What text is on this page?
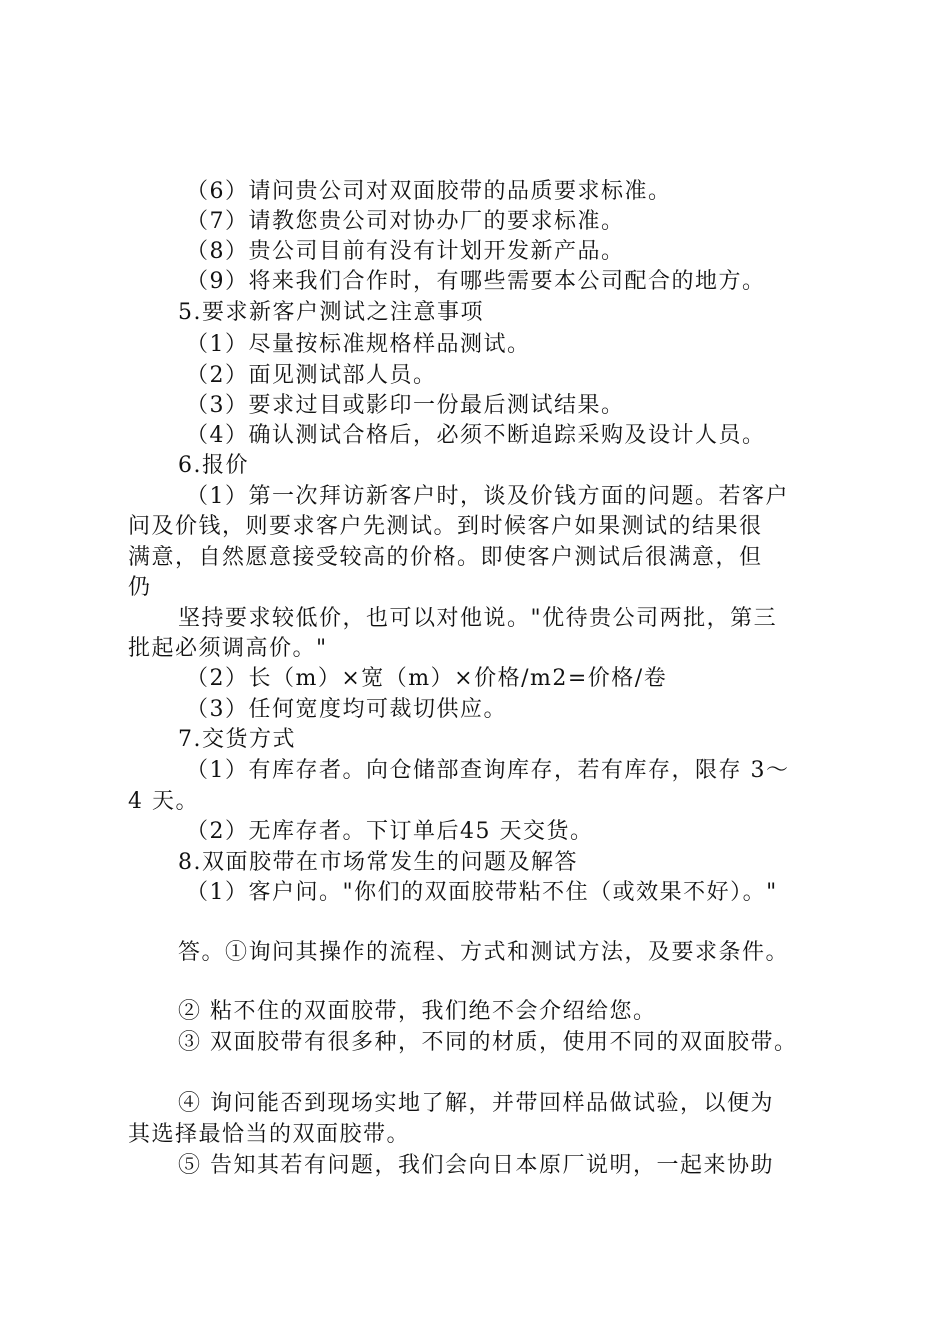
（6）请问贵公司对双面胶带的品质要求标准。
（7）请教您贵公司对协办厂的要求标准。
（8）贵公司目前有没有计划开发新产品。
（9）将来我们合作时，有哪些需要本公司配合的地方。
5.要求新客户测试之注意事项
（1）尽量按标准规格样品测试。
（2）面见测试部人员。
（3）要求过目或影印一份最后测试结果。
（4）确认测试合格后，必须不断追踪采购及设计人员。
6.报价
（1）第一次拜访新客户时，谈及价钱方面的问题。若客户
问及价钱，则要求客户先测试。到时候客户如果测试的结果很
满意，自然愿意接受较高的价格。即使客户测试后很满意，但
仍
坚持要求较低价，也可以对他说。"优待贵公司两批，第三
批起必须调高价。"
（2）长（m）×宽（m）×价格/m2=价格/卷
（3）任何宽度均可裁切供应。
7.交货方式
（1）有库存者。向仓储部查询库存，若有库存，限存 3～
4 天。
（2）无库存者。下订单后45 天交货。
8.双面胶带在市场常发生的问题及解答
（1）客户问。"你们的双面胶带粘不住（或效果不好）。"
答。①询问其操作的流程、方式和测试方法，及要求条件。
② 粘不住的双面胶带，我们绝不会介绍给您。
③ 双面胶带有很多种，不同的材质，使用不同的双面胶带。
④ 询问能否到现场实地了解，并带回样品做试验，以便为
其选择最恰当的双面胶带。
⑤ 告知其若有问题，我们会向日本原厂说明，一起来协助
